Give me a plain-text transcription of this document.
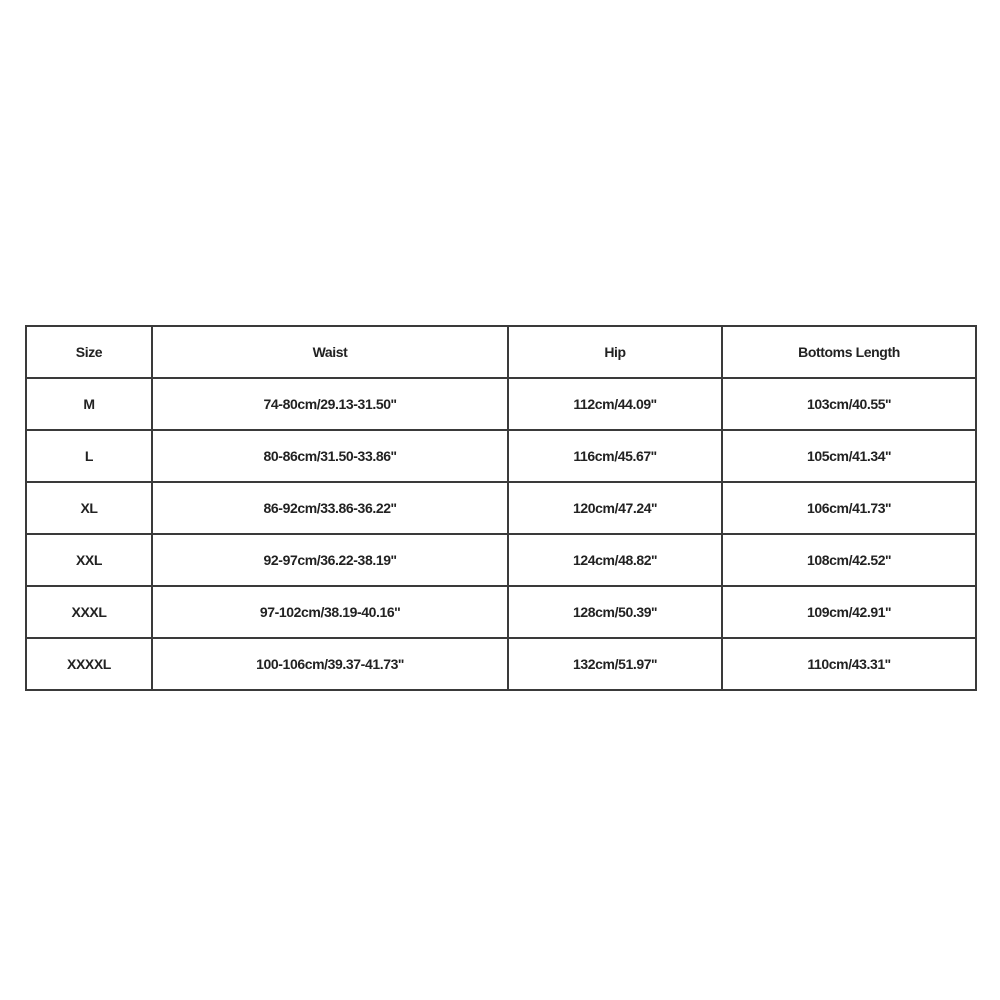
Size	Waist	Hip	Bottoms Length
M	74-80cm/29.13-31.50''	112cm/44.09''	103cm/40.55''
L	80-86cm/31.50-33.86''	116cm/45.67''	105cm/41.34''
XL	86-92cm/33.86-36.22''	120cm/47.24''	106cm/41.73''
XXL	92-97cm/36.22-38.19''	124cm/48.82''	108cm/42.52''
XXXL	97-102cm/38.19-40.16''	128cm/50.39''	109cm/42.91''
XXXXL	100-106cm/39.37-41.73''	132cm/51.97''	110cm/43.31''
